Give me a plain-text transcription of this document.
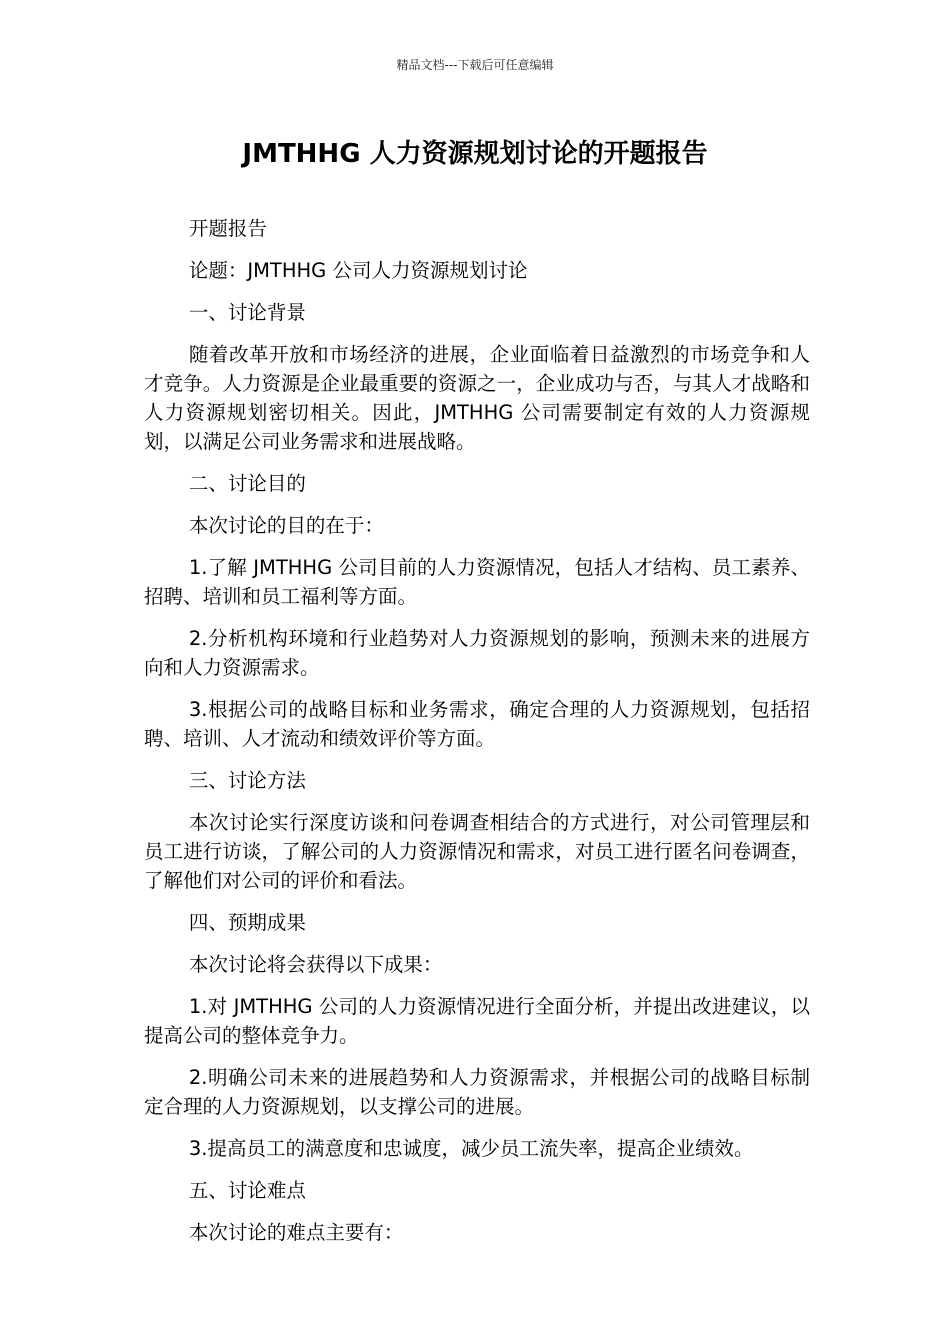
精品文档---下载后可任意编辑
JMTHHG 人力资源规划讨论的开题报告

开题报告

论题：JMTHHG 公司人力资源规划讨论

一、讨论背景

随着改革开放和市场经济的进展，企业面临着日益激烈的市场竞争和人才竞争。人力资源是企业最重要的资源之一，企业成功与否，与其人才战略和人力资源规划密切相关。因此，JMTHHG 公司需要制定有效的人力资源规划，以满足公司业务需求和进展战略。

二、讨论目的

本次讨论的目的在于：

1.了解 JMTHHG 公司目前的人力资源情况，包括人才结构、员工素养、招聘、培训和员工福利等方面。

2.分析机构环境和行业趋势对人力资源规划的影响，预测未来的进展方向和人力资源需求。

3.根据公司的战略目标和业务需求，确定合理的人力资源规划，包括招聘、培训、人才流动和绩效评价等方面。

三、讨论方法

本次讨论实行深度访谈和问卷调查相结合的方式进行，对公司管理层和员工进行访谈，了解公司的人力资源情况和需求，对员工进行匿名问卷调查，了解他们对公司的评价和看法。

四、预期成果

本次讨论将会获得以下成果：

1.对 JMTHHG 公司的人力资源情况进行全面分析，并提出改进建议，以提高公司的整体竞争力。

2.明确公司未来的进展趋势和人力资源需求，并根据公司的战略目标制定合理的人力资源规划，以支撑公司的进展。

3.提高员工的满意度和忠诚度，减少员工流失率，提高企业绩效。

五、讨论难点

本次讨论的难点主要有：
